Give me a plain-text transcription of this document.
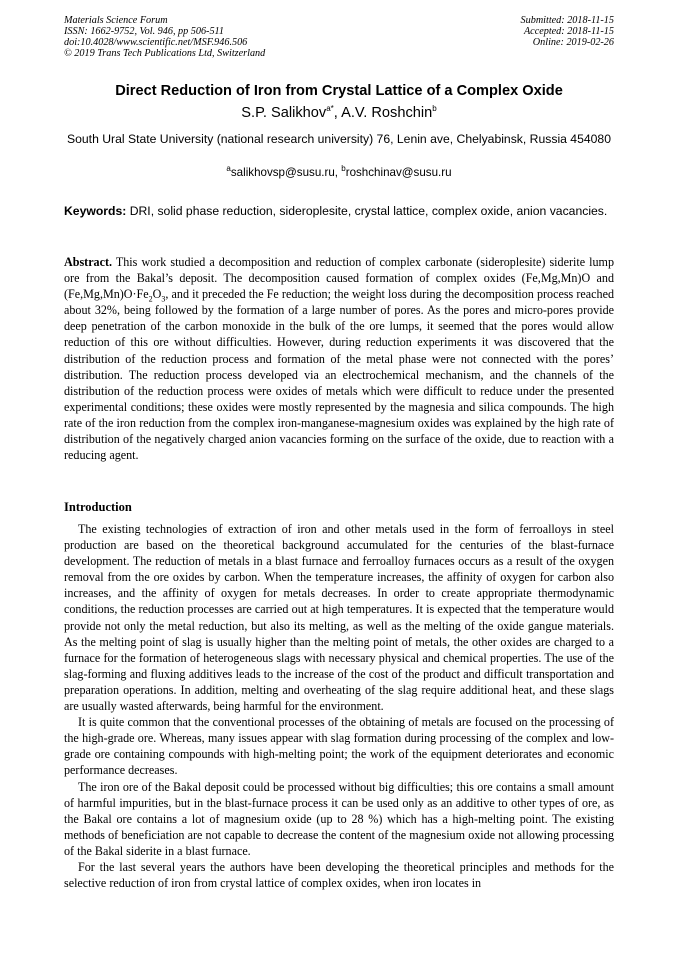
Materials Science Forum
ISSN: 1662-9752, Vol. 946, pp 506-511
doi:10.4028/www.scientific.net/MSF.946.506
© 2019 Trans Tech Publications Ltd, Switzerland
Submitted: 2018-11-15
Accepted: 2018-11-15
Online: 2019-02-26
Direct Reduction of Iron from Crystal Lattice of a Complex Oxide
S.P. Salikhov$^{a*}$, A.V. Roshchin$^b$
South Ural State University (national research university) 76, Lenin ave, Chelyabinsk, Russia 454080
$^a$salikhovsp@susu.ru, $^b$roshchinav@susu.ru
Keywords: DRI, solid phase reduction, sideroplesite, crystal lattice, complex oxide, anion vacancies.
Abstract. This work studied a decomposition and reduction of complex carbonate (sideroplesite) siderite lump ore from the Bakal’s deposit. The decomposition caused formation of complex oxides (Fe,Mg,Mn)O and $(Fe,Mg,Mn)O\cdot Fe_2O_3$, and it preceded the Fe reduction; the weight loss during the decomposition process reached about 32%, being followed by the formation of a large number of pores. As the pores and micro-pores provide deep penetration of the carbon monoxide in the bulk of the ore lumps, it seemed that the pores would allow reduction of this ore without difficulties. However, during reduction experiments it was discovered that the distribution of the reduction process and formation of the metal phase were not connected with the pores’ distribution. The reduction process developed via an electrochemical mechanism, and the channels of the distribution of the reduction process were oxides of metals which were difficult to reduce under the presented experimental conditions; these oxides were mostly represented by the magnesia and silica compounds. The high rate of the iron reduction from the complex iron-manganese-magnesium oxides was explained by the high rate of distribution of the negatively charged anion vacancies forming on the surface of the oxide, due to reaction with a reducing agent.
Introduction

The existing technologies of extraction of iron and other metals used in the form of ferroalloys in steel production are based on the theoretical background accumulated for the centuries of the blast-furnace development. The reduction of metals in a blast furnace and ferroalloy furnaces occurs as a result of the oxygen removal from the ore oxides by carbon. When the temperature increases, the affinity of oxygen for carbon also increases, and the affinity of oxygen for metals decreases. In order to create appropriate thermodynamic conditions, the reduction processes are carried out at high temperatures. It is expected that the temperature would provide not only the metal reduction, but also its melting, as well as the melting of the oxide gangue materials. As the melting point of slag is usually higher than the melting point of metals, the other oxides are charged to a furnace for the formation of heterogeneous slags with necessary physical and chemical properties. The use of the slag-forming and fluxing additives leads to the increase of the cost of the product and difficult transportation and preparation operations. In addition, melting and overheating of the slag require additional heat, and these slags are usually wasted afterwards, being harmful for the environment.

It is quite common that the conventional processes of the obtaining of metals are focused on the processing of the high-grade ore. Whereas, many issues appear with slag formation during processing of the complex and low-grade ore containing compounds with high-melting point; the work of the equipment deteriorates and economic performance decreases.

The iron ore of the Bakal deposit could be processed without big difficulties; this ore contains a small amount of harmful impurities, but in the blast-furnace process it can be used only as an additive to other types of ore, as the Bakal ore contains a lot of magnesium oxide (up to 28 %) which has a high-melting point. The existing methods of beneficiation are not capable to decrease the content of the magnesium oxide not allowing processing of the Bakal siderite in a blast furnace.

For the last several years the authors have been developing the theoretical principles and methods for the selective reduction of iron from crystal lattice of complex oxides, when iron locates in
